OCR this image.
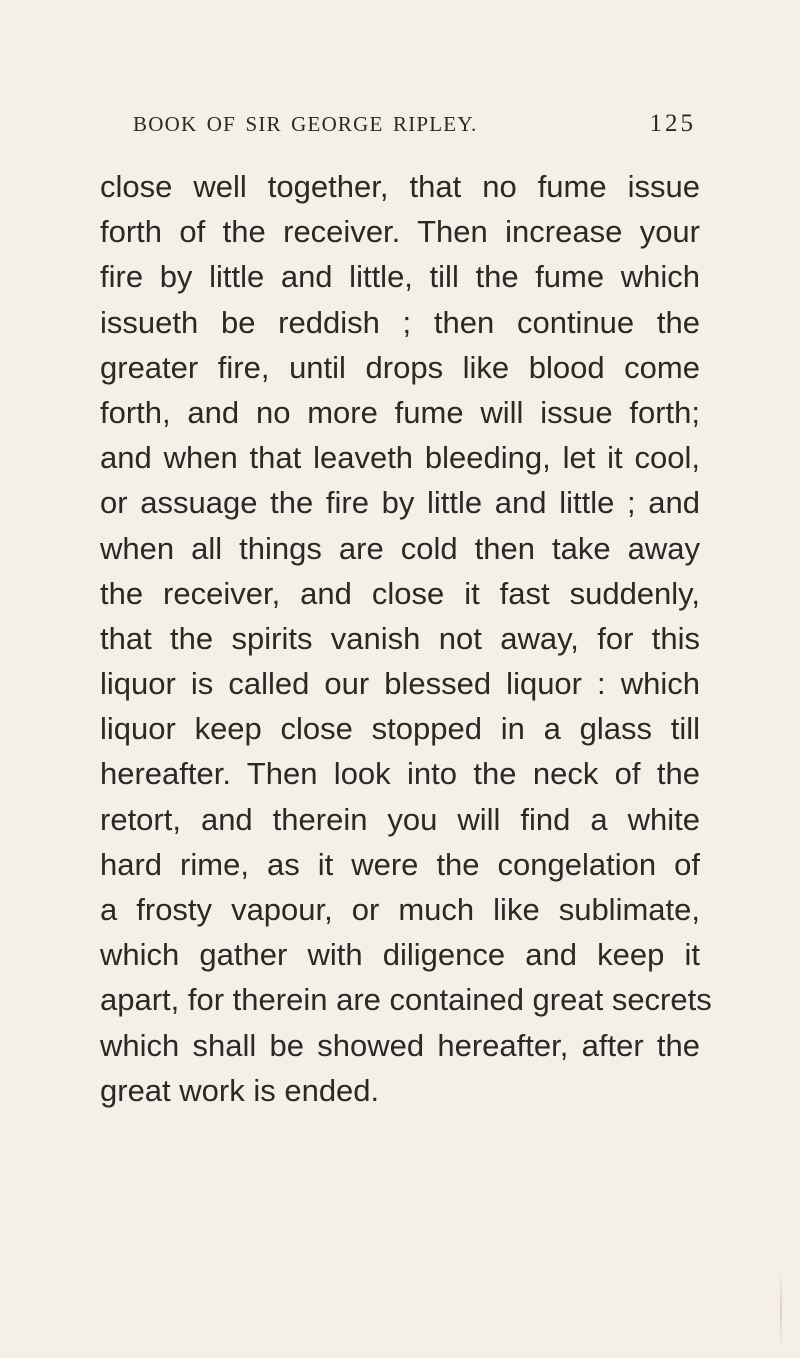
BOOK OF SIR GEORGE RIPLEY.	125
close well together, that no fume issue
forth of the receiver. Then increase your
fire by little and little, till the fume which
issueth be reddish ; then continue the
greater fire, until drops like blood come
forth, and no more fume will issue forth;
and when that leaveth bleeding, let it cool,
or assuage the fire by little and little ; and
when all things are cold then take away
the receiver, and close it fast suddenly,
that the spirits vanish not away, for this
liquor is called our blessed liquor : which
liquor keep close stopped in a glass till
hereafter. Then look into the neck of the
retort, and therein you will find a white
hard rime, as it were the congelation of
a frosty vapour, or much like sublimate,
which gather with diligence and keep it
apart, for therein are contained great secrets
which shall be showed hereafter, after the
great work is ended.
